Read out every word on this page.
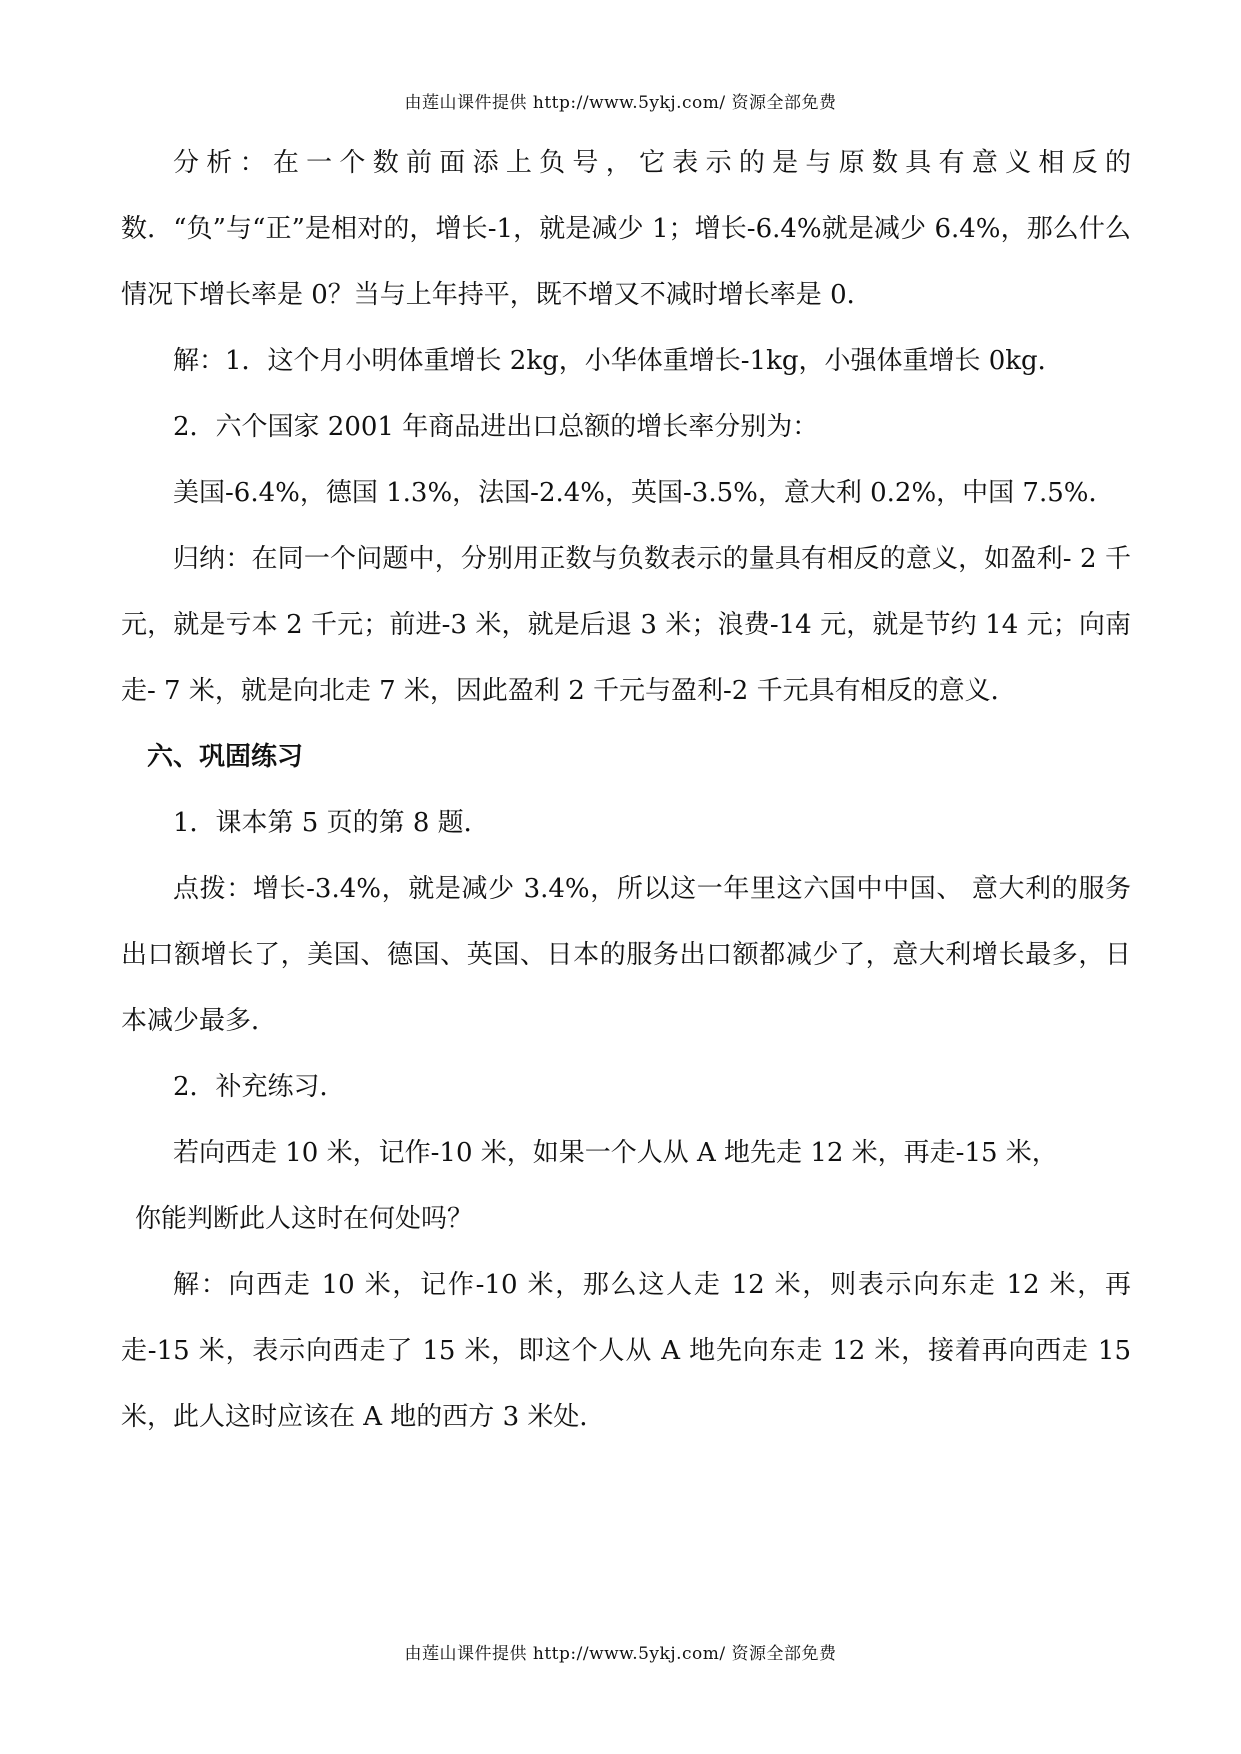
由莲山课件提供 http://www.5ykj.com/ 资源全部免费

分析：在一个数前面添上负号，它表示的是与原数具有意义相反的数．“负”与“正”是相对的，增长-1，就是减少 1；增长-6.4%就是减少 6.4%，那么什么情况下增长率是 0？当与上年持平，既不增又不减时增长率是 0．

解：1．这个月小明体重增长 2kg，小华体重增长-1kg，小强体重增长 0kg．

2．六个国家 2001 年商品进出口总额的增长率分别为：

美国-6.4%，德国 1.3%，法国-2.4%，英国-3.5%，意大利 0.2%，中国 7.5%．

归纳：在同一个问题中，分别用正数与负数表示的量具有相反的意义，如盈利- 2 千元，就是亏本 2 千元；前进-3 米，就是后退 3 米；浪费-14 元，就是节约 14 元；向南走- 7 米，就是向北走 7 米，因此盈利 2 千元与盈利-2 千元具有相反的意义．

六、巩固练习

1．课本第 5 页的第 8 题．

点拨：增长-3.4%，就是减少 3.4%，所以这一年里这六国中中国、 意大利的服务出口额增长了，美国、德国、英国、日本的服务出口额都减少了，意大利增长最多，日本减少最多．

2．补充练习．

若向西走 10 米，记作-10 米，如果一个人从 A 地先走 12 米，再走-15 米，

你能判断此人这时在何处吗？

解：向西走 10 米，记作-10 米，那么这人走 12 米，则表示向东走 12 米，再走-15 米，表示向西走了 15 米，即这个人从 A 地先向东走 12 米，接着再向西走 15 米，此人这时应该在 A 地的西方 3 米处．

由莲山课件提供 http://www.5ykj.com/ 资源全部免费
